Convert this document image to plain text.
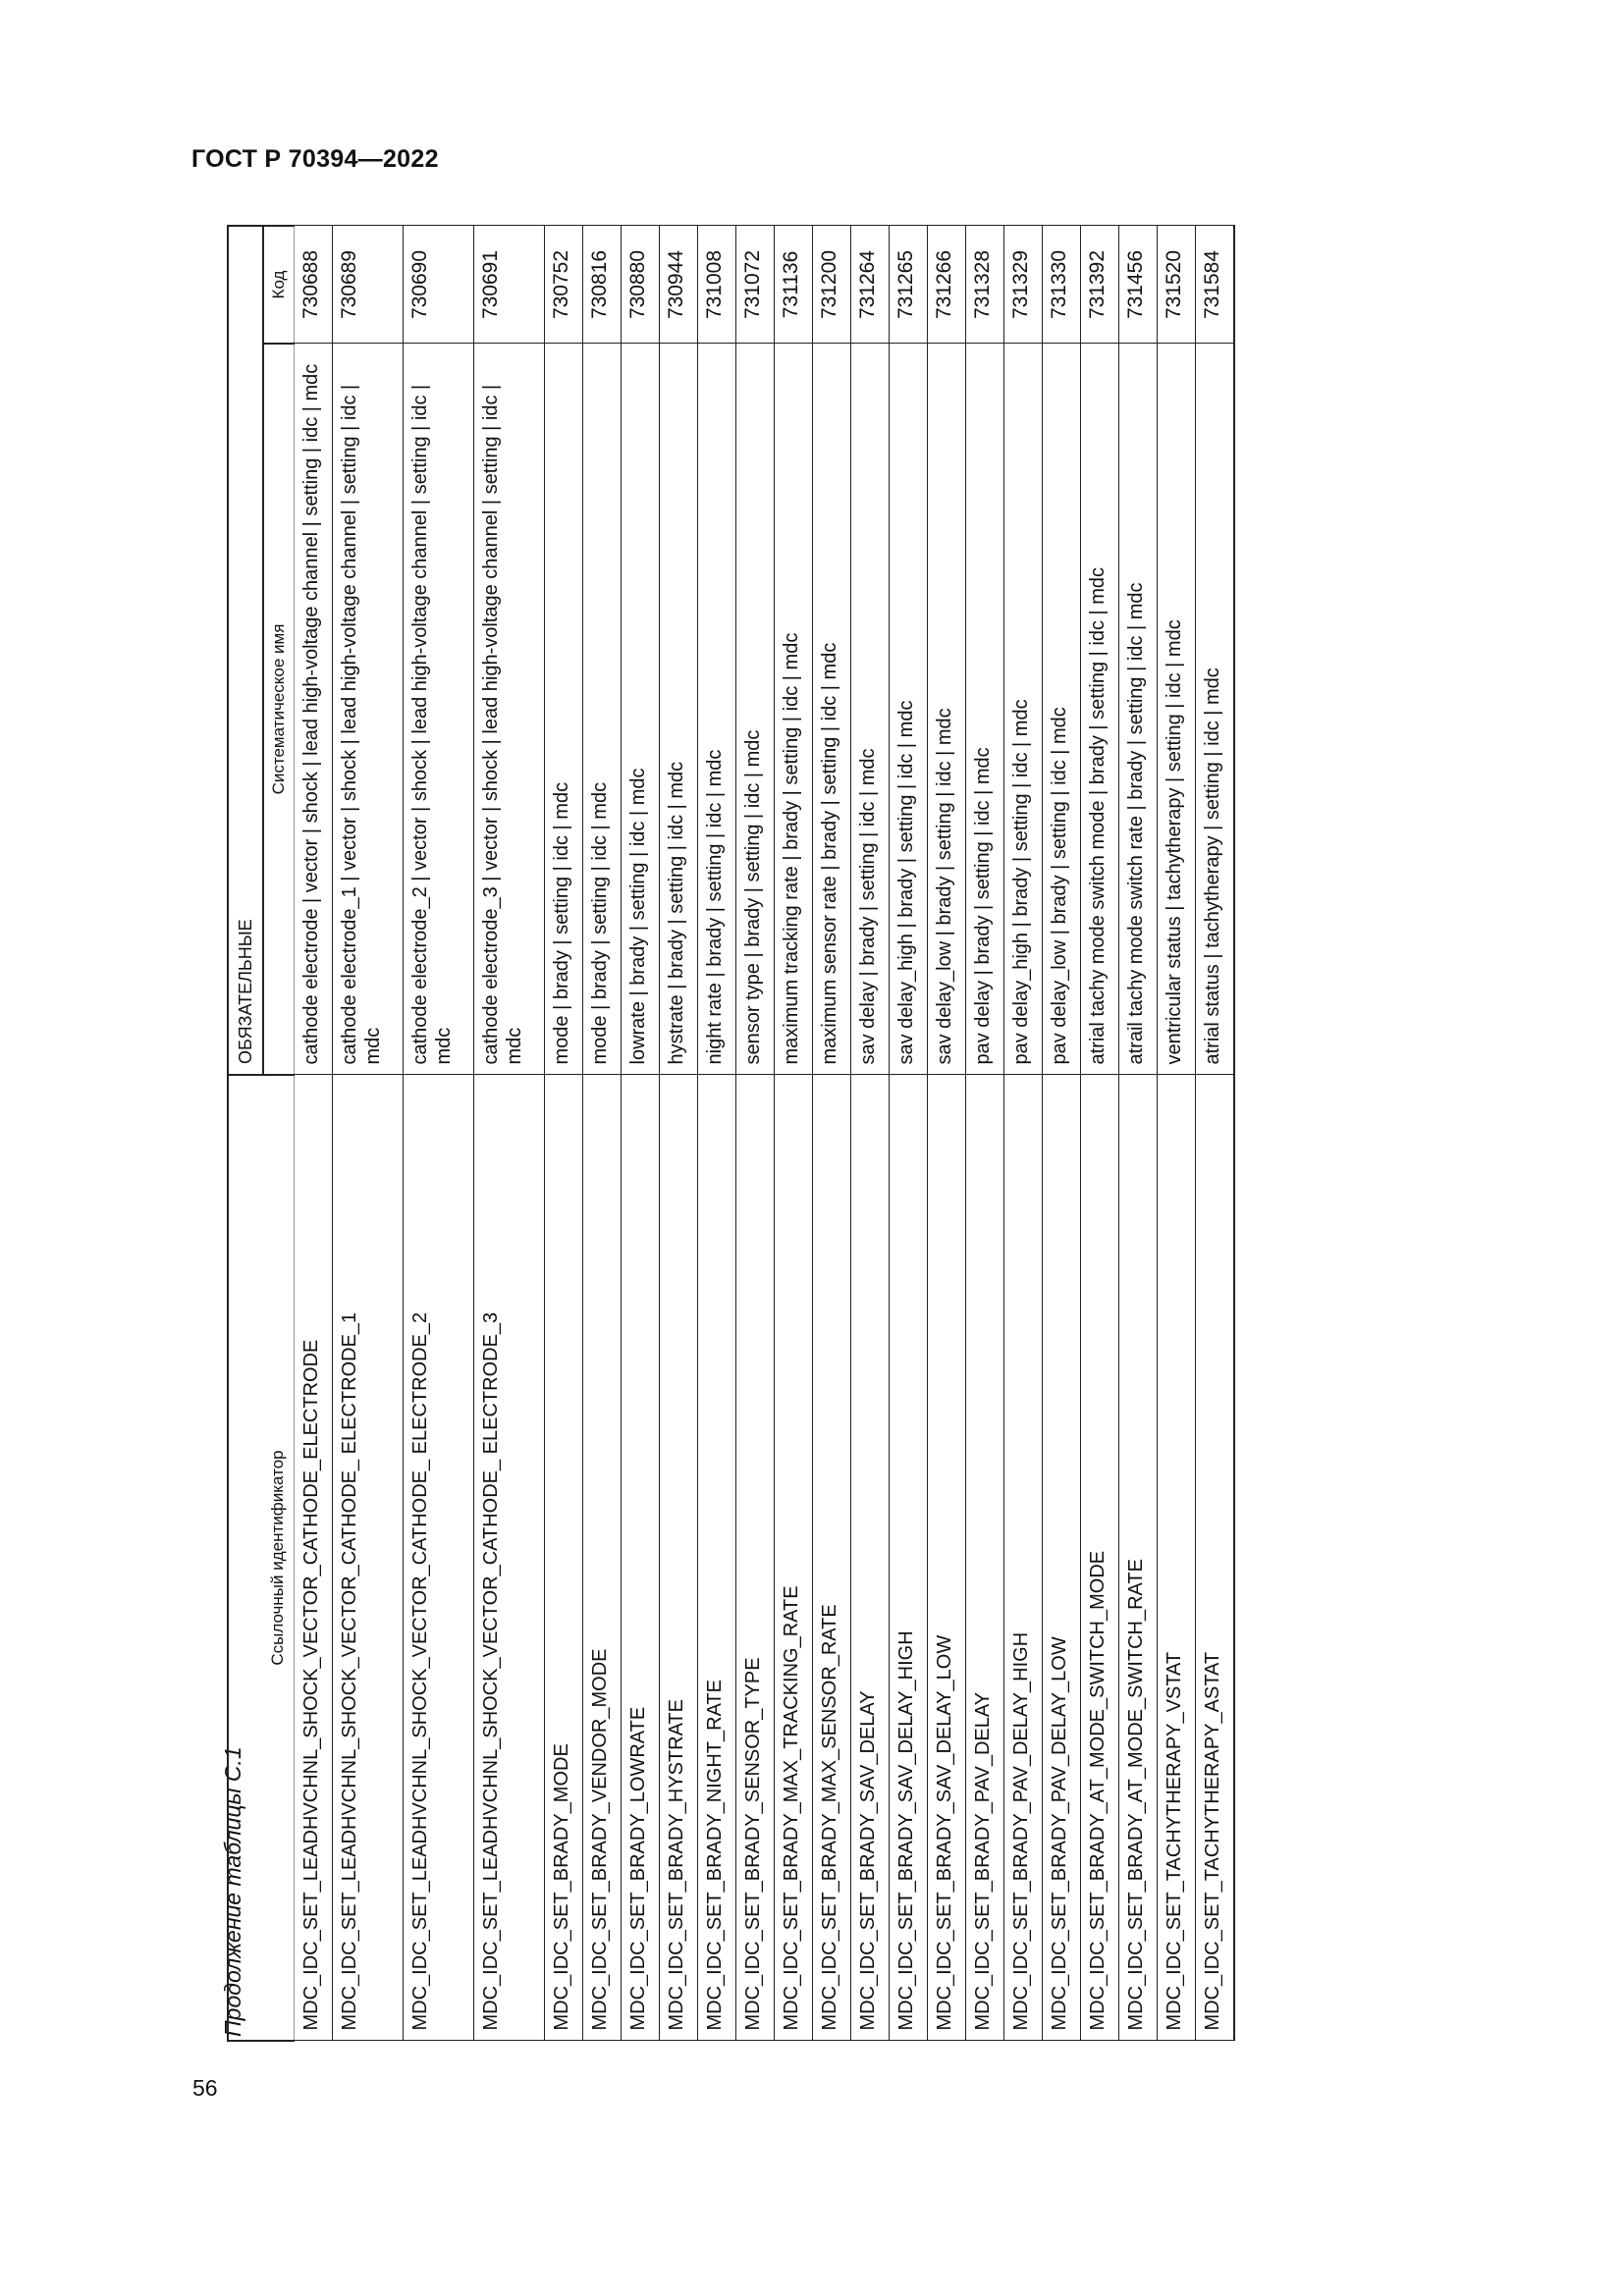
ГОСТ Р 70394—2022
56
Продолжение таблицы С.1
	ОБЯЗАТЕЛЬНЫЕ	
Ссылочный идентификатор	Систематическое имя	Код
MDC_IDC_SET_LEADHVCHNL_SHOCK_VECTOR_CATHODE_ELECTRODE	cathode electrode | vector | shock | lead high-voltage channel | setting | idc | mdc	730688
MDC_IDC_SET_LEADHVCHNL_SHOCK_VECTOR_CATHODE_ ELECTRODE_1	cathode electrode_1 | vector | shock | lead high-voltage channel | setting | idc | mdc	730689
MDC_IDC_SET_LEADHVCHNL_SHOCK_VECTOR_CATHODE_ ELECTRODE_2	cathode electrode_2 | vector | shock | lead high-voltage channel | setting | idc | mdc	730690
MDC_IDC_SET_LEADHVCHNL_SHOCK_VECTOR_CATHODE_ ELECTRODE_3	cathode electrode_3 | vector | shock | lead high-voltage channel | setting | idc | mdc	730691
MDC_IDC_SET_BRADY_MODE	mode | brady | setting | idc | mdc	730752
MDC_IDC_SET_BRADY_VENDOR_MODE	mode | brady | setting | idc | mdc	730816
MDC_IDC_SET_BRADY_LOWRATE	lowrate | brady | setting | idc | mdc	730880
MDC_IDC_SET_BRADY_HYSTRATE	hystrate | brady | setting | idc | mdc	730944
MDC_IDC_SET_BRADY_NIGHT_RATE	night rate | brady | setting | idc | mdc	731008
MDC_IDC_SET_BRADY_SENSOR_TYPE	sensor type | brady | setting | idc | mdc	731072
MDC_IDC_SET_BRADY_MAX_TRACKING_RATE	maximum tracking rate | brady | setting | idc | mdc	731136
MDC_IDC_SET_BRADY_MAX_SENSOR_RATE	maximum sensor rate | brady | setting | idc | mdc	731200
MDC_IDC_SET_BRADY_SAV_DELAY	sav delay | brady | setting | idc | mdc	731264
MDC_IDC_SET_BRADY_SAV_DELAY_HIGH	sav delay_high | brady | setting | idc | mdc	731265
MDC_IDC_SET_BRADY_SAV_DELAY_LOW	sav delay_low | brady | setting | idc | mdc	731266
MDC_IDC_SET_BRADY_PAV_DELAY	pav delay | brady | setting | idc | mdc	731328
MDC_IDC_SET_BRADY_PAV_DELAY_HIGH	pav delay_high | brady | setting | idc | mdc	731329
MDC_IDC_SET_BRADY_PAV_DELAY_LOW	pav delay_low | brady | setting | idc | mdc	731330
MDC_IDC_SET_BRADY_AT_MODE_SWITCH_MODE	atrial tachy mode switch mode | brady | setting | idc | mdc	731392
MDC_IDC_SET_BRADY_AT_MODE_SWITCH_RATE	atrail tachy mode switch rate | brady | setting | idc | mdc	731456
MDC_IDC_SET_TACHYTHERAPY_VSTAT	ventricular status | tachytherapy | setting | idc | mdc	731520
MDC_IDC_SET_TACHYTHERAPY_ASTAT	atrial status | tachytherapy | setting | idc | mdc	731584
